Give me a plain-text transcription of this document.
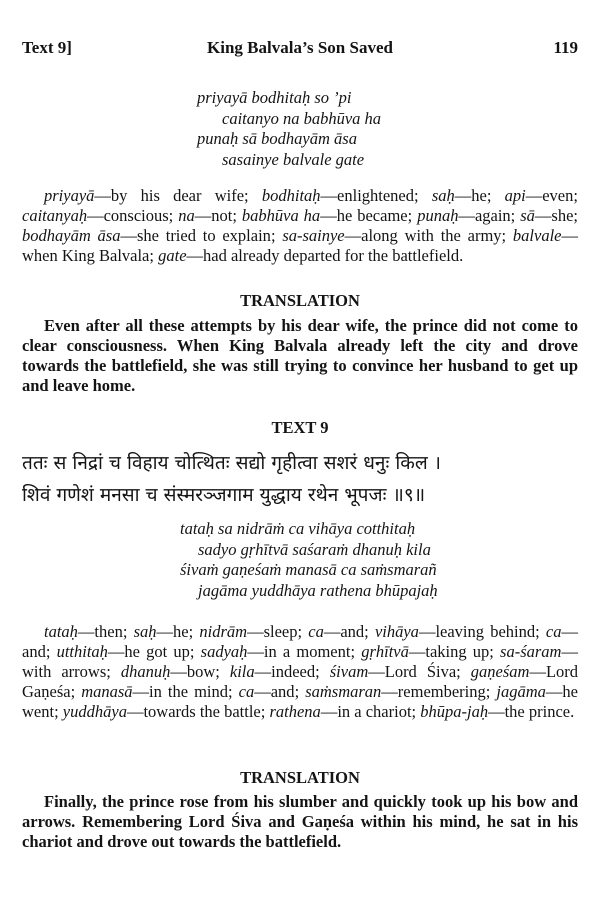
Text 9]	King Balvala’s Son Saved	119
priyayā bodhitaḥ so ’pi
caitanyo na babhūva ha
punaḥ sā bodhayām āsa
sasainye balvale gate
priyayā—by his dear wife; bodhitaḥ—enlightened; saḥ—he; api—even; caitanyaḥ—conscious; na—not; babhūva ha—he became; punaḥ—again; sā—she; bodhayām āsa—she tried to explain; sa-sainye—along with the army; balvale—when King Balvala; gate—had already departed for the battlefield.
TRANSLATION
Even after all these attempts by his dear wife, the prince did not come to clear consciousness. When King Balvala already left the city and drove towards the battlefield, she was still trying to convince her husband to get up and leave home.
TEXT 9
ततः स निद्रां च विहाय चोत्थितः सद्यो गृहीत्वा सशरं धनुः किल ।
शिवं गणेशं मनसा च संस्मरञ्जगाम युद्धाय रथेन भूपजः ॥९॥
tataḥ sa nidrāṁ ca vihāya cotthitaḥ
sadyo gṛhītvā saśaraṁ dhanuḥ kila
śivaṁ gaṇeśaṁ manasā ca saṁsmarañ
jagāma yuddhāya rathena bhūpajaḥ
tataḥ—then; saḥ—he; nidrām—sleep; ca—and; vihāya—leaving behind; ca—and; utthitaḥ—he got up; sadyaḥ—in a moment; gṛhītvā—taking up; sa-śaram—with arrows; dhanuḥ—bow; kila—indeed; śivam—Lord Śiva; gaṇeśam—Lord Gaṇeśa; manasā—in the mind; ca—and; saṁsmaran—remembering; jagāma—he went; yuddhāya—towards the battle; rathena—in a chariot; bhūpa-jaḥ—the prince.
TRANSLATION
Finally, the prince rose from his slumber and quickly took up his bow and arrows. Remembering Lord Śiva and Gaṇeśa within his mind, he sat in his chariot and drove out towards the battlefield.
